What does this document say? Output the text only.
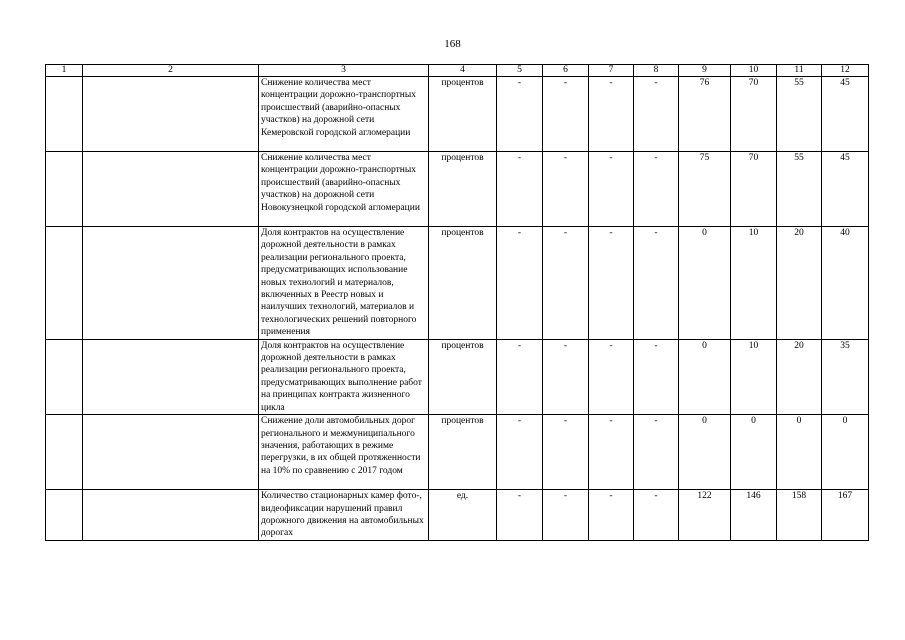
168
1	2	3	4	5	6	7	8	9	10	11	12
		Снижение количества мест концентрации дорожно-транспортных происшествий (аварийно-опасных участков) на дорожной сети Кемеровской городской агломерации	процентов	-	-	-	-	76	70	55	45
		Снижение количества мест концентрации дорожно-транспортных происшествий (аварийно-опасных участков) на дорожной сети Новокузнецкой городской агломерации	процентов	-	-	-	-	75	70	55	45
		Доля контрактов на осуществление дорожной деятельности в рамках реализации регионального проекта, предусматривающих использование новых технологий и материалов, включенных в Реестр новых и наилучших технологий, материалов и технологических решений повторного применения	процентов	-	-	-	-	0	10	20	40
		Доля контрактов на осуществление дорожной деятельности в рамках реализации регионального проекта, предусматривающих выполнение работ на принципах контракта жизненного цикла	процентов	-	-	-	-	0	10	20	35
		Снижение доли автомобильных дорог регионального и межмуниципального значения, работающих в режиме перегрузки, в их общей протяженности на 10% по сравнению с 2017 годом	процентов	-	-	-	-	0	0	0	0
		Количество стационарных камер фото-, видеофиксации нарушений правил дорожного движения на автомобильных дорогах	ед.	-	-	-	-	122	146	158	167
